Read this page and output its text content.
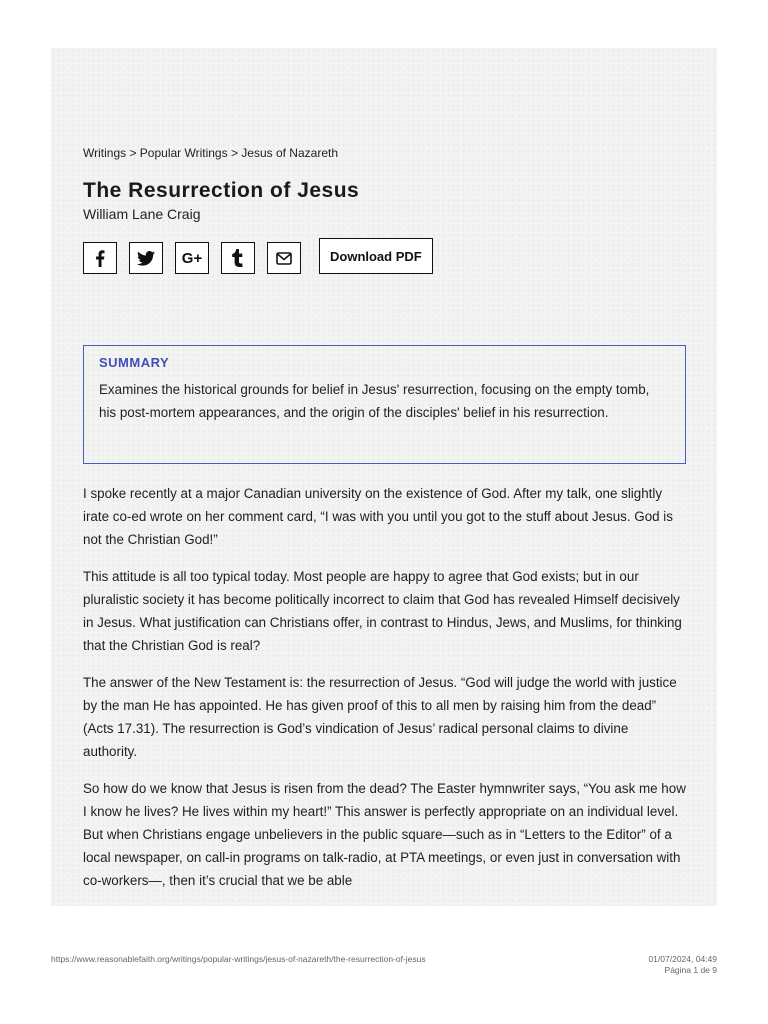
Writings > Popular Writings > Jesus of Nazareth
The Resurrection of Jesus
William Lane Craig
G+	Download PDF
SUMMARY

Examines the historical grounds for belief in Jesus' resurrection, focusing on the empty tomb, his post-mortem appearances, and the origin of the disciples' belief in his resurrection.

I spoke recently at a major Canadian university on the existence of God. After my talk, one slightly irate co-ed wrote on her comment card, “I was with you until you got to the stuff about Jesus. God is not the Christian God!”

This attitude is all too typical today. Most people are happy to agree that God exists; but in our pluralistic society it has become politically incorrect to claim that God has revealed Himself decisively in Jesus. What justification can Christians offer, in contrast to Hindus, Jews, and Muslims, for thinking that the Christian God is real?

The answer of the New Testament is: the resurrection of Jesus. “God will judge the world with justice by the man He has appointed. He has given proof of this to all men by raising him from the dead” (Acts 17.31). The resurrection is God’s vindication of Jesus’ radical personal claims to divine authority.

So how do we know that Jesus is risen from the dead? The Easter hymnwriter says, “You ask me how I know he lives? He lives within my heart!” This answer is perfectly appropriate on an individual level. But when Christians engage unbelievers in the public square—such as in “Letters to the Editor” of a local newspaper, on call-in programs on talk-radio, at PTA meetings, or even just in conversation with co-workers—, then it’s crucial that we be able

https://www.reasonablefaith.org/writings/popular-writings/jesus-of-nazareth/the-resurrection-of-jesus	01/07/2024, 04:49
Página 1 de 9
